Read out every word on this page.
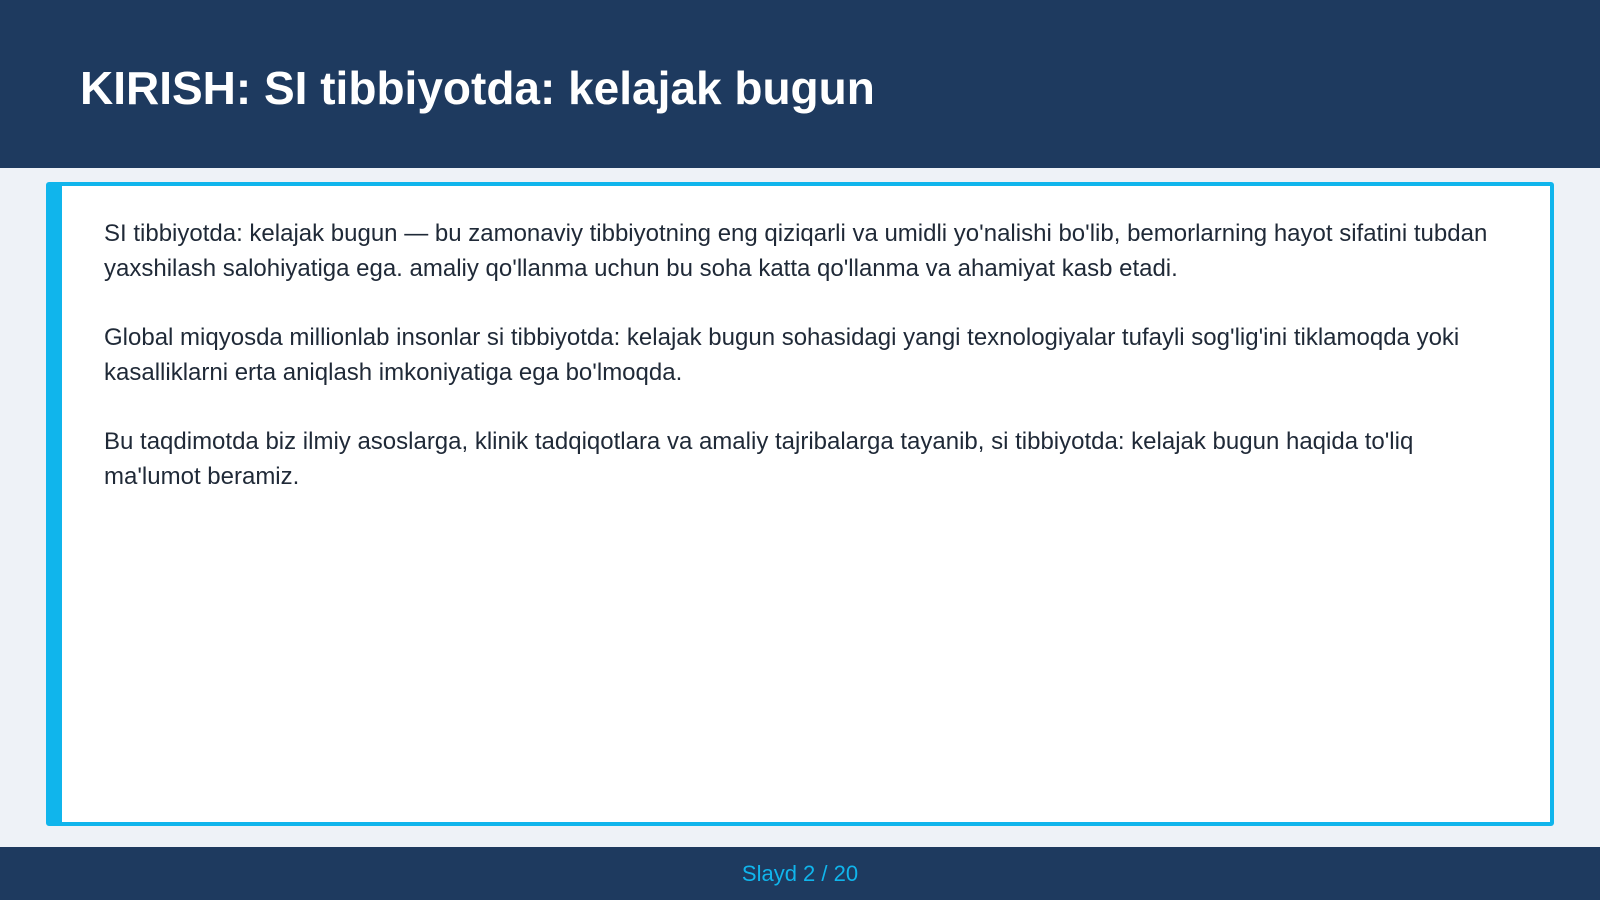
KIRISH: SI tibbiyotda: kelajak bugun

SI tibbiyotda: kelajak bugun — bu zamonaviy tibbiyotning eng qiziqarli va umidli yo'nalishi bo'lib, bemorlarning hayot sifatini tubdan yaxshilash salohiyatiga ega. amaliy qo'llanma uchun bu soha katta qo'llanma va ahamiyat kasb etadi.

Global miqyosda millionlab insonlar si tibbiyotda: kelajak bugun sohasidagi yangi texnologiyalar tufayli sog'lig'ini tiklamoqda yoki kasalliklarni erta aniqlash imkoniyatiga ega bo'lmoqda.

Bu taqdimotda biz ilmiy asoslarga, klinik tadqiqotlara va amaliy tajribalarga tayanib, si tibbiyotda: kelajak bugun haqida to'liq ma'lumot beramiz.

Slayd 2 / 20
